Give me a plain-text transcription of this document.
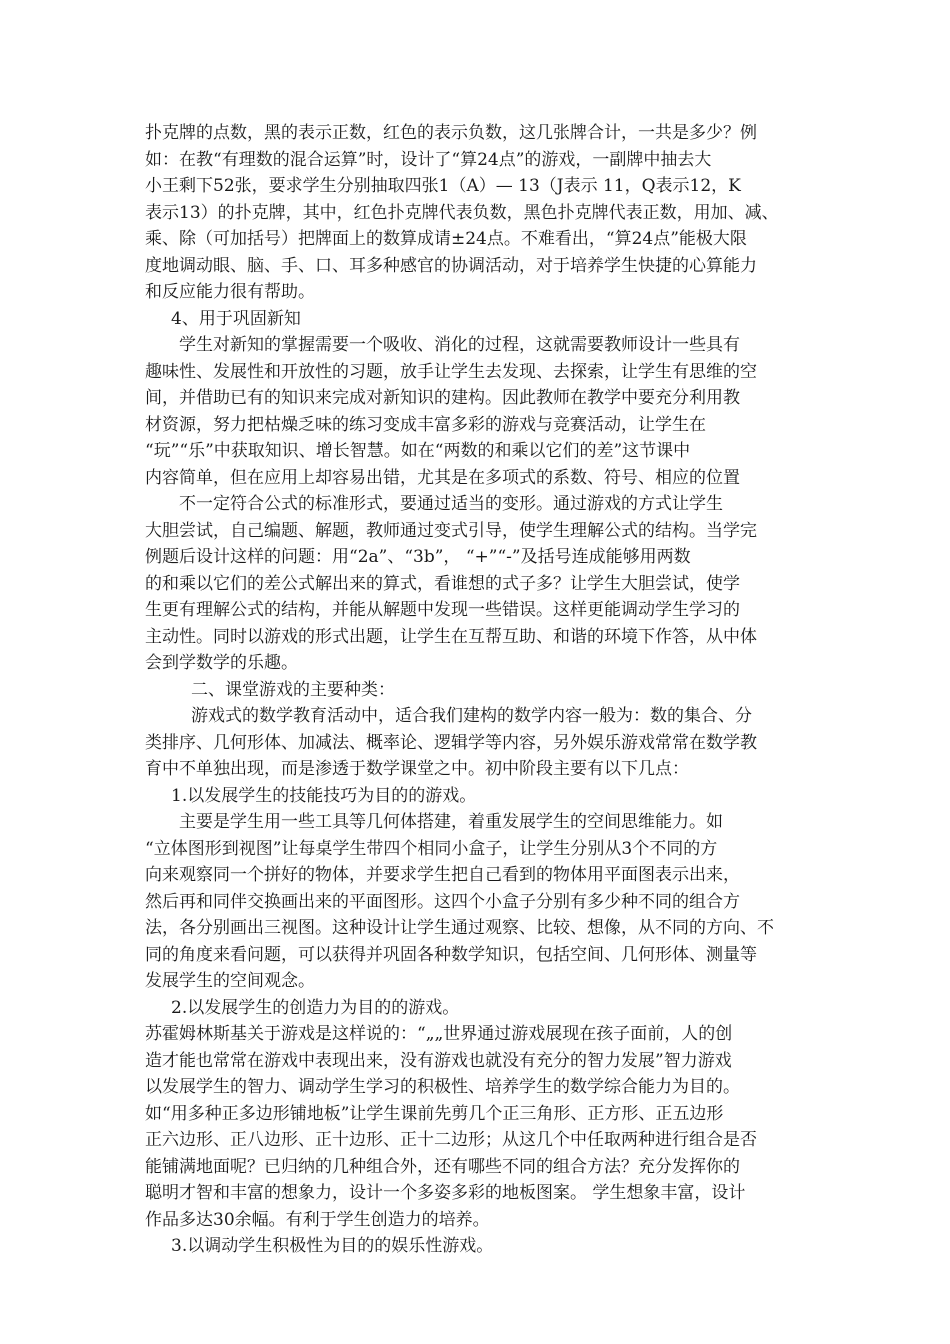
扑克牌的点数，黑的表示正数，红色的表示负数，这几张牌合计，一共是多少？例
如：在教“有理数的混合运算”时，设计了“算24点”的游戏，一副牌中抽去大
小王剩下52张，要求学生分别抽取四张1（A）— 13（J表示 11，Q表示12，K
表示13）的扑克牌，其中，红色扑克牌代表负数，黑色扑克牌代表正数，用加、减、
乘、除（可加括号）把牌面上的数算成请±24点。不难看出，“算24点”能极大限
度地调动眼、脑、手、口、耳多种感官的协调活动，对于培养学生快捷的心算能力
和反应能力很有帮助。
4、用于巩固新知
学生对新知的掌握需要一个吸收、消化的过程，这就需要教师设计一些具有
趣味性、发展性和开放性的习题，放手让学生去发现、去探索，让学生有思维的空
间，并借助已有的知识来完成对新知识的建构。因此教师在教学中要充分利用教
材资源，努力把枯燥乏味的练习变成丰富多彩的游戏与竞赛活动，让学生在
“玩”“乐”中获取知识、增长智慧。如在“两数的和乘以它们的差”这节课中
内容简单，但在应用上却容易出错，尤其是在多项式的系数、符号、相应的位置
不一定符合公式的标准形式，要通过适当的变形。通过游戏的方式让学生
大胆尝试，自己编题、解题，教师通过变式引导，使学生理解公式的结构。当学完
例题后设计这样的问题：用“2a”、“3b”， “+”“-”及括号连成能够用两数
的和乘以它们的差公式解出来的算式，看谁想的式子多？让学生大胆尝试，使学
生更有理解公式的结构，并能从解题中发现一些错误。这样更能调动学生学习的
主动性。同时以游戏的形式出题，让学生在互帮互助、和谐的环境下作答，从中体
会到学数学的乐趣。
二、课堂游戏的主要种类：
游戏式的数学教育活动中，适合我们建构的数学内容一般为：数的集合、分
类排序、几何形体、加减法、概率论、逻辑学等内容，另外娱乐游戏常常在数学教
育中不单独出现，而是渗透于数学课堂之中。初中阶段主要有以下几点：
1.以发展学生的技能技巧为目的的游戏。
主要是学生用一些工具等几何体搭建，着重发展学生的空间思维能力。如
“立体图形到视图”让每桌学生带四个相同小盒子，让学生分别从3个不同的方
向来观察同一个拼好的物体，并要求学生把自己看到的物体用平面图表示出来，
然后再和同伴交换画出来的平面图形。这四个小盒子分别有多少种不同的组合方
法，各分别画出三视图。这种设计让学生通过观察、比较、想像，从不同的方向、不
同的角度来看问题，可以获得并巩固各种数学知识，包括空间、几何形体、测量等
发展学生的空间观念。
2.以发展学生的创造力为目的的游戏。
苏霍姆林斯基关于游戏是这样说的：“„„世界通过游戏展现在孩子面前，人的创
造才能也常常在游戏中表现出来，没有游戏也就没有充分的智力发展”智力游戏
以发展学生的智力、调动学生学习的积极性、培养学生的数学综合能力为目的。
如“用多种正多边形铺地板”让学生课前先剪几个正三角形、正方形、正五边形
正六边形、正八边形、正十边形、正十二边形；从这几个中任取两种进行组合是否
能铺满地面呢？已归纳的几种组合外，还有哪些不同的组合方法？充分发挥你的
聪明才智和丰富的想象力，设计一个多姿多彩的地板图案。 学生想象丰富，设计
作品多达30余幅。有利于学生创造力的培养。
3.以调动学生积极性为目的的娱乐性游戏。
